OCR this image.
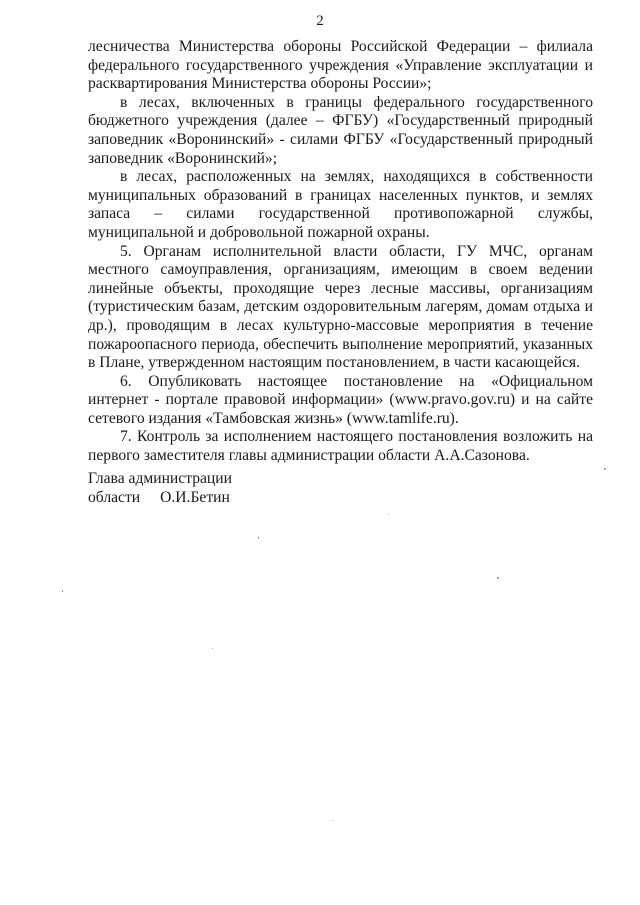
2

лесничества Министерства обороны Российской Федерации – филиала федерального государственного учреждения «Управление эксплуатации и расквартирования Министерства обороны России»;

в лесах, включенных в границы федерального государственного бюджетного учреждения (далее – ФГБУ) «Государственный природный заповедник «Воронинский» - силами ФГБУ «Государственный природный заповедник «Воронинский»;

в лесах, расположенных на землях, находящихся в собственности муниципальных образований в границах населенных пунктов, и землях запаса – силами государственной противопожарной службы, муниципальной и добровольной пожарной охраны.

5. Органам исполнительной власти области, ГУ МЧС, органам местного самоуправления, организациям, имеющим в своем ведении линейные объекты, проходящие через лесные массивы, организациям (туристическим базам, детским оздоровительным лагерям, домам отдыха и др.), проводящим в лесах культурно-массовые мероприятия в течение пожароопасного периода, обеспечить выполнение мероприятий, указанных в Плане, утвержденном настоящим постановлением, в части касающейся.

6. Опубликовать настоящее постановление на «Официальном интернет - портале правовой информации» (www.pravo.gov.ru) и на сайте сетевого издания «Тамбовская жизнь» (www.tamlife.ru).

7. Контроль за исполнением настоящего постановления возложить на первого заместителя главы администрации области А.А.Сазонова.

Глава администрации
области О.И.Бетин
